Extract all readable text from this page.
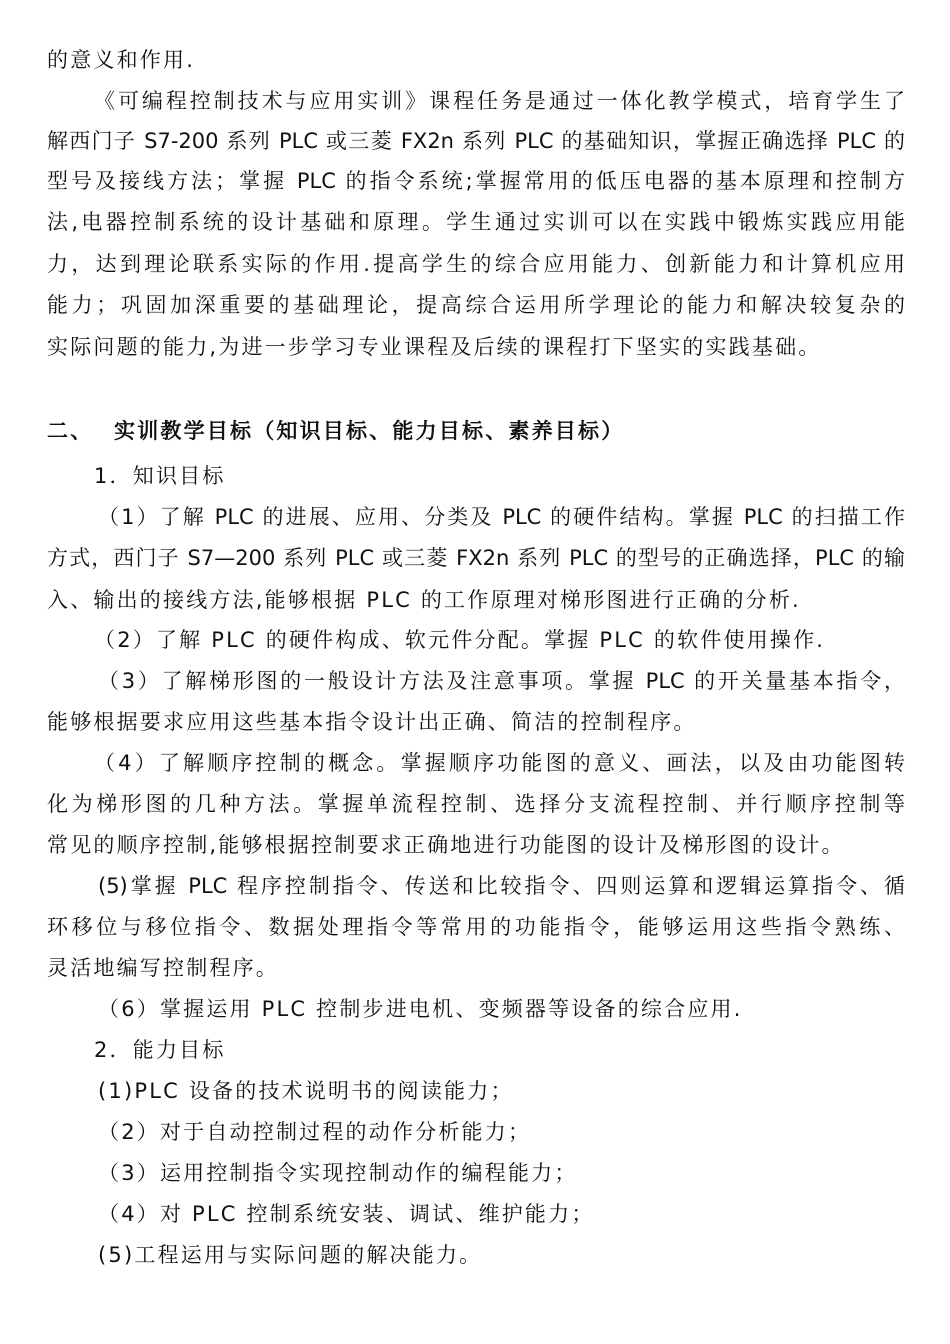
的意义和作用.
《可编程控制技术与应用实训》课程任务是通过一体化教学模式，培育学生了
解西门子 S7-200 系列 PLC 或三菱 FX2n 系列 PLC 的基础知识，掌握正确选择 PLC 的
型号及接线方法；掌握 PLC 的指令系统;掌握常用的低压电器的基本原理和控制方
法,电器控制系统的设计基础和原理。学生通过实训可以在实践中锻炼实践应用能
力，达到理论联系实际的作用.提高学生的综合应用能力、创新能力和计算机应用
能力；巩固加深重要的基础理论，提高综合运用所学理论的能力和解决较复杂的
实际问题的能力,为进一步学习专业课程及后续的课程打下坚实的实践基础。
二、 实训教学目标（知识目标、能力目标、素养目标）
1．知识目标
（1）了解 PLC 的进展、应用、分类及 PLC 的硬件结构。掌握 PLC 的扫描工作
方式，西门子 S7—200 系列 PLC 或三菱 FX2n 系列 PLC 的型号的正确选择，PLC 的输
入、输出的接线方法,能够根据 PLC 的工作原理对梯形图进行正确的分析.
（2）了解 PLC 的硬件构成、软元件分配。掌握 PLC 的软件使用操作.
（3）了解梯形图的一般设计方法及注意事项。掌握 PLC 的开关量基本指令，
能够根据要求应用这些基本指令设计出正确、简洁的控制程序。
（4）了解顺序控制的概念。掌握顺序功能图的意义、画法，以及由功能图转
化为梯形图的几种方法。掌握单流程控制、选择分支流程控制、并行顺序控制等
常见的顺序控制,能够根据控制要求正确地进行功能图的设计及梯形图的设计。
(5)掌握 PLC 程序控制指令、传送和比较指令、四则运算和逻辑运算指令、循
环移位与移位指令、数据处理指令等常用的功能指令，能够运用这些指令熟练、
灵活地编写控制程序。
（6）掌握运用 PLC 控制步进电机、变频器等设备的综合应用.
2．能力目标
(1)PLC 设备的技术说明书的阅读能力；
（2）对于自动控制过程的动作分析能力；
（3）运用控制指令实现控制动作的编程能力；
（4）对 PLC 控制系统安装、调试、维护能力；
(5)工程运用与实际问题的解决能力。
